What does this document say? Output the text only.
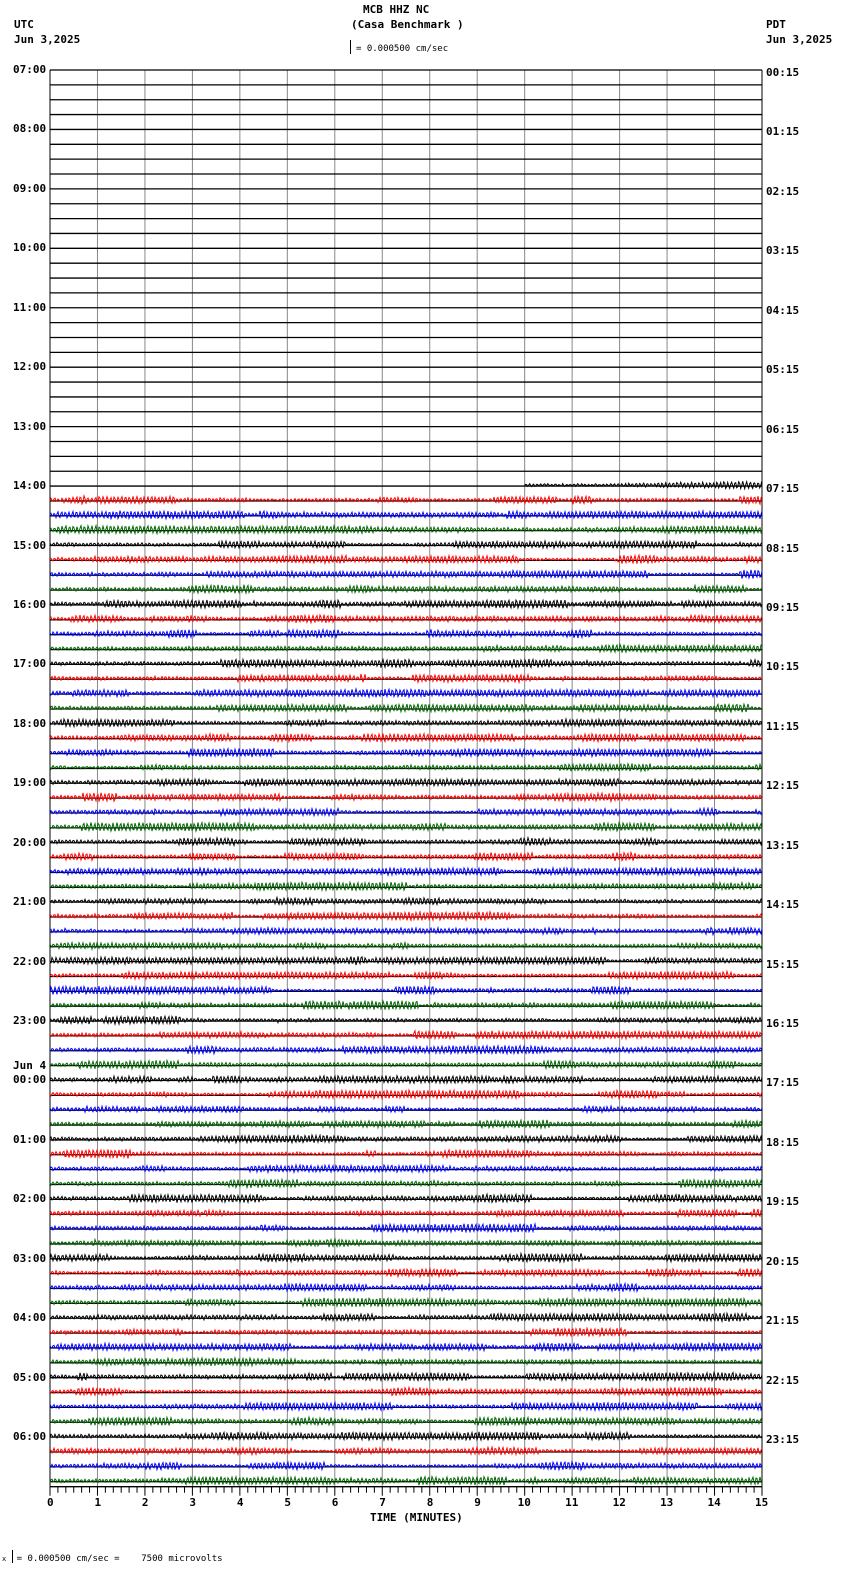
MCB HHZ NC
(Casa Benchmark )
UTC
Jun 3,2025
PDT
Jun 3,2025
= 0.000500 cm/sec
TIME (MINUTES)
x = 0.000500 cm/sec =    7500 microvolts
0	1	2	3	4	5	6	7	8	9	10	11	12	13	14	15
07:00
08:00
09:00
10:00
11:00
12:00
13:00
14:00
15:00
16:00
17:00
18:00
19:00
20:00
21:00
22:00
23:00
00:00
01:00
02:00
03:00
04:00
05:00
06:00
Jun 4
00:15
01:15
02:15
03:15
04:15
05:15
06:15
07:15
08:15
09:15
10:15
11:15
12:15
13:15
14:15
15:15
16:15
17:15
18:15
19:15
20:15
21:15
22:15
23:15
